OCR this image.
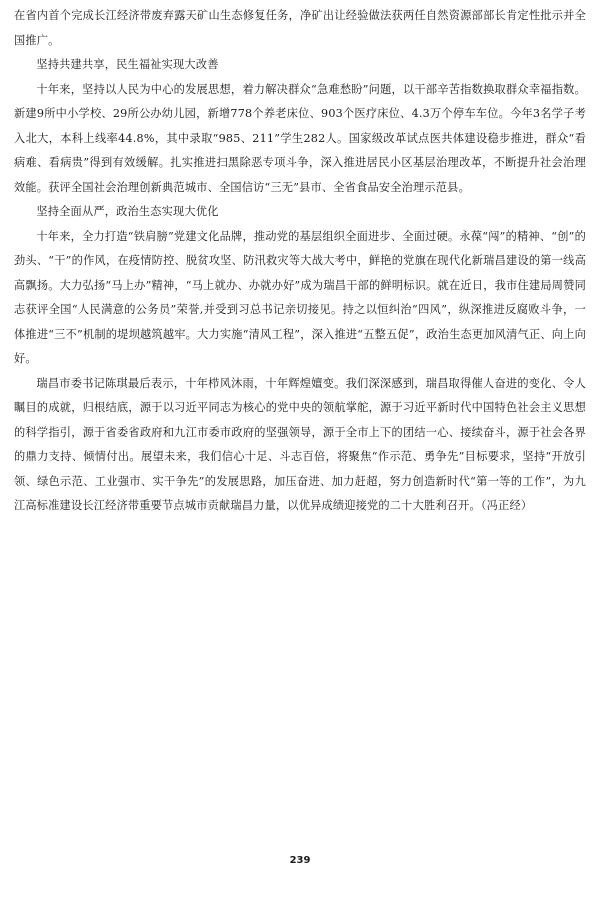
在省内首个完成长江经济带废弃露天矿山生态修复任务，净矿出让经验做法获两任自然资源部部长肯定性批示并全国推广。

坚持共建共享，民生福祉实现大改善

十年来，坚持以人民为中心的发展思想，着力解决群众“急难愁盼”问题，以干部辛苦指数换取群众幸福指数。新建9所中小学校、29所公办幼儿园，新增778个养老床位、903个医疗床位、4.3万个停车车位。今年3名学子考入北大，本科上线率44.8%，其中录取“985、211”学生282人。国家级改革试点医共体建设稳步推进，群众“看病难、看病贵”得到有效缓解。扎实推进扫黑除恶专项斗争，深入推进居民小区基层治理改革，不断提升社会治理效能。获评全国社会治理创新典范城市、全国信访“三无”县市、全省食品安全治理示范县。

坚持全面从严，政治生态实现大优化

十年来，全力打造“铁肩膀”党建文化品牌，推动党的基层组织全面进步、全面过硬。永葆“闯”的精神、“创”的劲头、“干”的作风，在疫情防控、脱贫攻坚、防汛救灾等大战大考中，鲜艳的党旗在现代化新瑞昌建设的第一线高高飘扬。大力弘扬“马上办”精神，“马上就办、办就办好”成为瑞昌干部的鲜明标识。就在近日，我市住建局周赞同志获评全国“人民满意的公务员”荣誉,并受到习总书记亲切接见。持之以恒纠治“四风”，纵深推进反腐败斗争，一体推进“三不”机制的堤坝越筑越牢。大力实施“清风工程”，深入推进“五整五促”，政治生态更加风清气正、向上向好。

瑞昌市委书记陈琪最后表示，十年栉风沐雨，十年辉煌嬗变。我们深深感到，瑞昌取得催人奋进的变化、令人瞩目的成就，归根结底，源于以习近平同志为核心的党中央的领航掌舵，源于习近平新时代中国特色社会主义思想的科学指引，源于省委省政府和九江市委市政府的坚强领导，源于全市上下的团结一心、接续奋斗，源于社会各界的鼎力支持、倾情付出。展望未来，我们信心十足、斗志百倍，将聚焦“作示范、勇争先”目标要求，坚持“开放引领、绿色示范、工业强市、实干争先”的发展思路，加压奋进、加力赶超，努力创造新时代“第一等的工作”，为九江高标准建设长江经济带重要节点城市贡献瑞昌力量，以优异成绩迎接党的二十大胜利召开。（冯正经）

239
